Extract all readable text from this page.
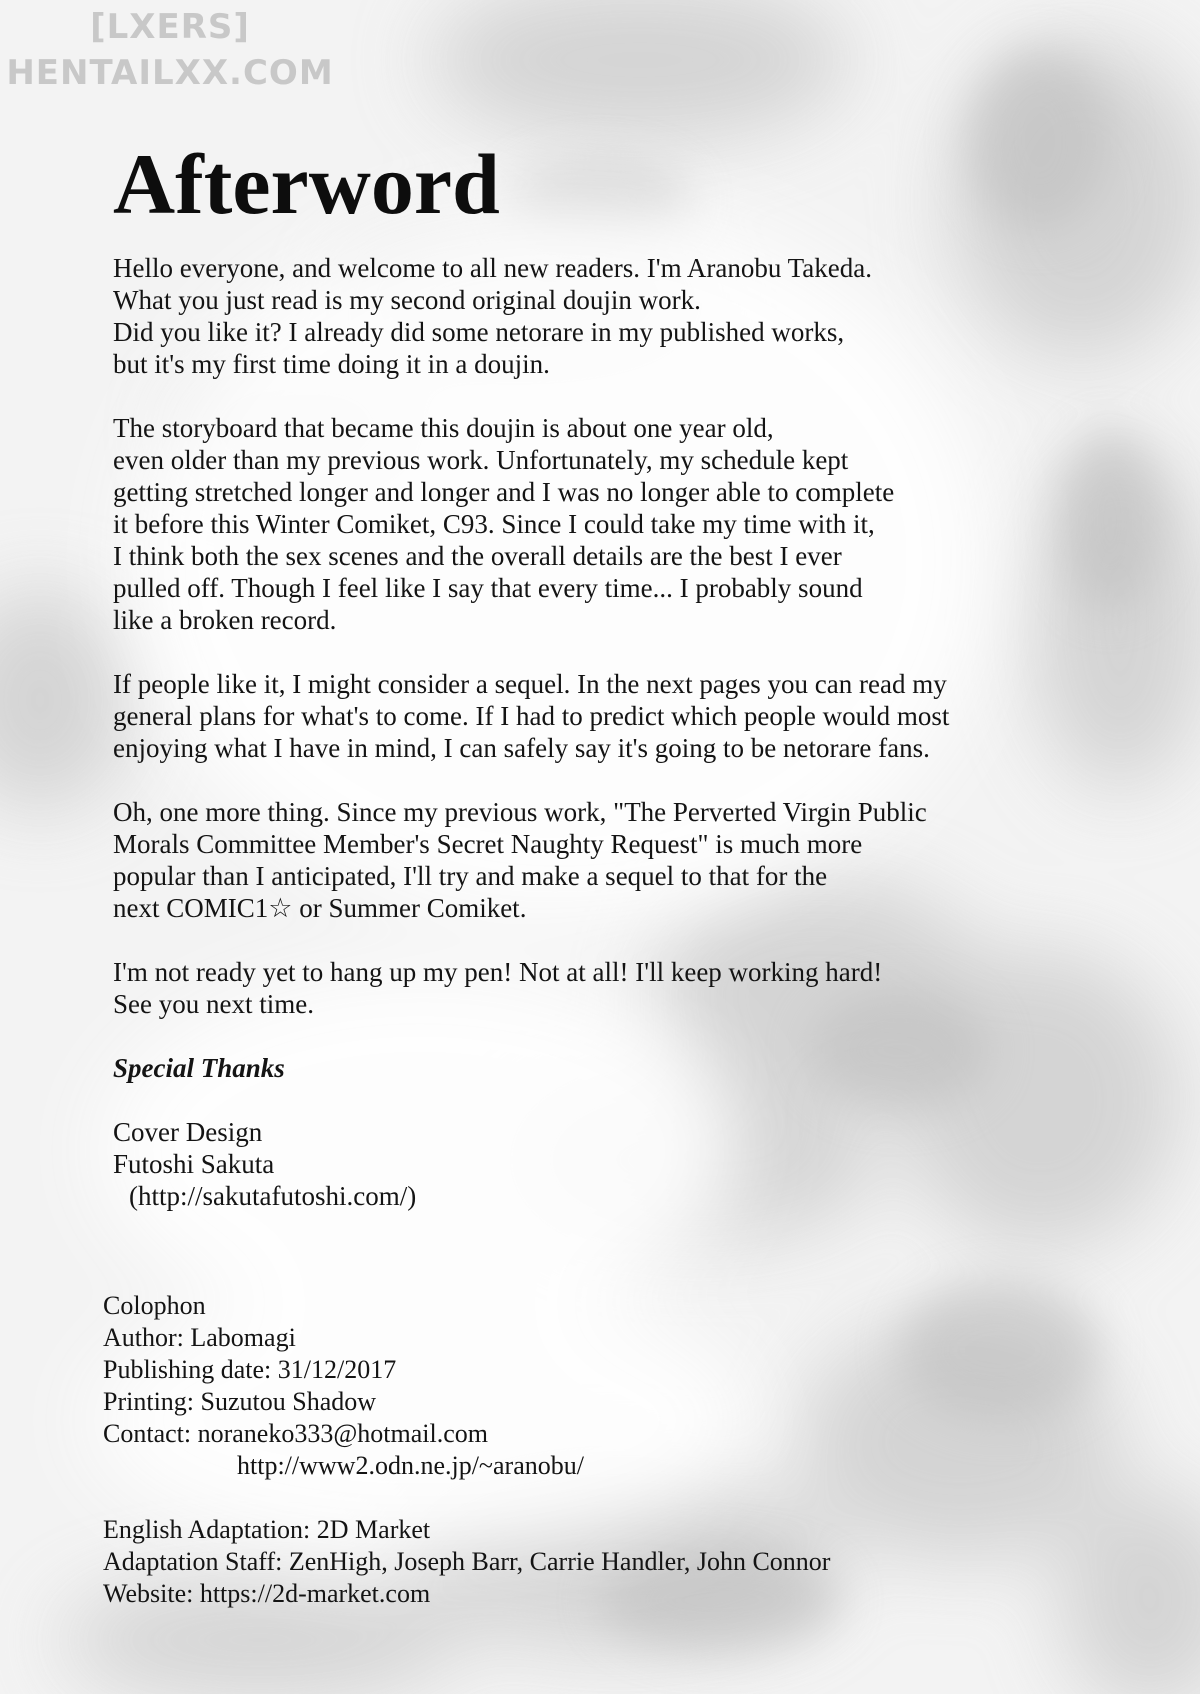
[LXERS]
HENTAILXX.COM
Afterword
Hello everyone, and welcome to all new readers. I'm Aranobu Takeda.
What you just read is my second original doujin work.
Did you like it? I already did some netorare in my published works,
but it's my first time doing it in a doujin.
The storyboard that became this doujin is about one year old,
even older than my previous work. Unfortunately, my schedule kept
getting stretched longer and longer and I was no longer able to complete
it before this Winter Comiket, C93. Since I could take my time with it,
I think both the sex scenes and the overall details are the best I ever
pulled off. Though I feel like I say that every time... I probably sound
like a broken record.
If people like it, I might consider a sequel. In the next pages you can read my
general plans for what's to come. If I had to predict which people would most
enjoying what I have in mind, I can safely say it's going to be netorare fans.
Oh, one more thing. Since my previous work, "The Perverted Virgin Public
Morals Committee Member's Secret Naughty Request" is much more
popular than I anticipated, I'll try and make a sequel to that for the
next COMIC1☆ or Summer Comiket.
I'm not ready yet to hang up my pen! Not at all! I'll keep working hard!
See you next time.
Special Thanks
Cover Design
Futoshi Sakuta
(http://sakutafutoshi.com/)
Colophon
Author: Labomagi
Publishing date: 31/12/2017
Printing: Suzutou Shadow
Contact: noraneko333@hotmail.com
http://www2.odn.ne.jp/~aranobu/
English Adaptation: 2D Market
Adaptation Staff: ZenHigh, Joseph Barr, Carrie Handler, John Connor
Website: https://2d-market.com
